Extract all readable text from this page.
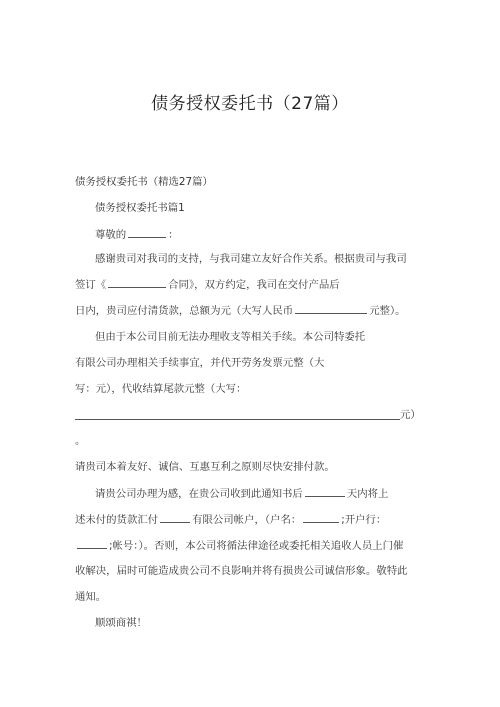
债务授权委托书（27篇）
债务授权委托书（精选27篇）
债务授权委托书篇1
尊敬的	：
感谢贵司对我司的支持，与我司建立友好合作关系。根据贵司与我司
签订《	合同》，双方约定，我司在交付产品后
日内，贵司应付清货款，总额为元（大写人民币	元整）。
但由于本公司目前无法办理收支等相关手续。本公司特委托
有限公司办理相关手续事宜，并代开劳务发票元整（大
写：元），代收结算尾款元整（大写：
元）
。
请贵司本着友好、诚信、互惠互利之原则尽快安排付款。
请贵公司办理为感，在贵公司收到此通知书后	天内将上
述未付的货款汇付	有限公司帐户，（户名：	;开户行：
;帐号：）。否则，本公司将循法律途径或委托相关追收人员上门催
收解决，届时可能造成贵公司不良影响并将有损贵公司诚信形象。敬特此
通知。
顺颂商祺！
